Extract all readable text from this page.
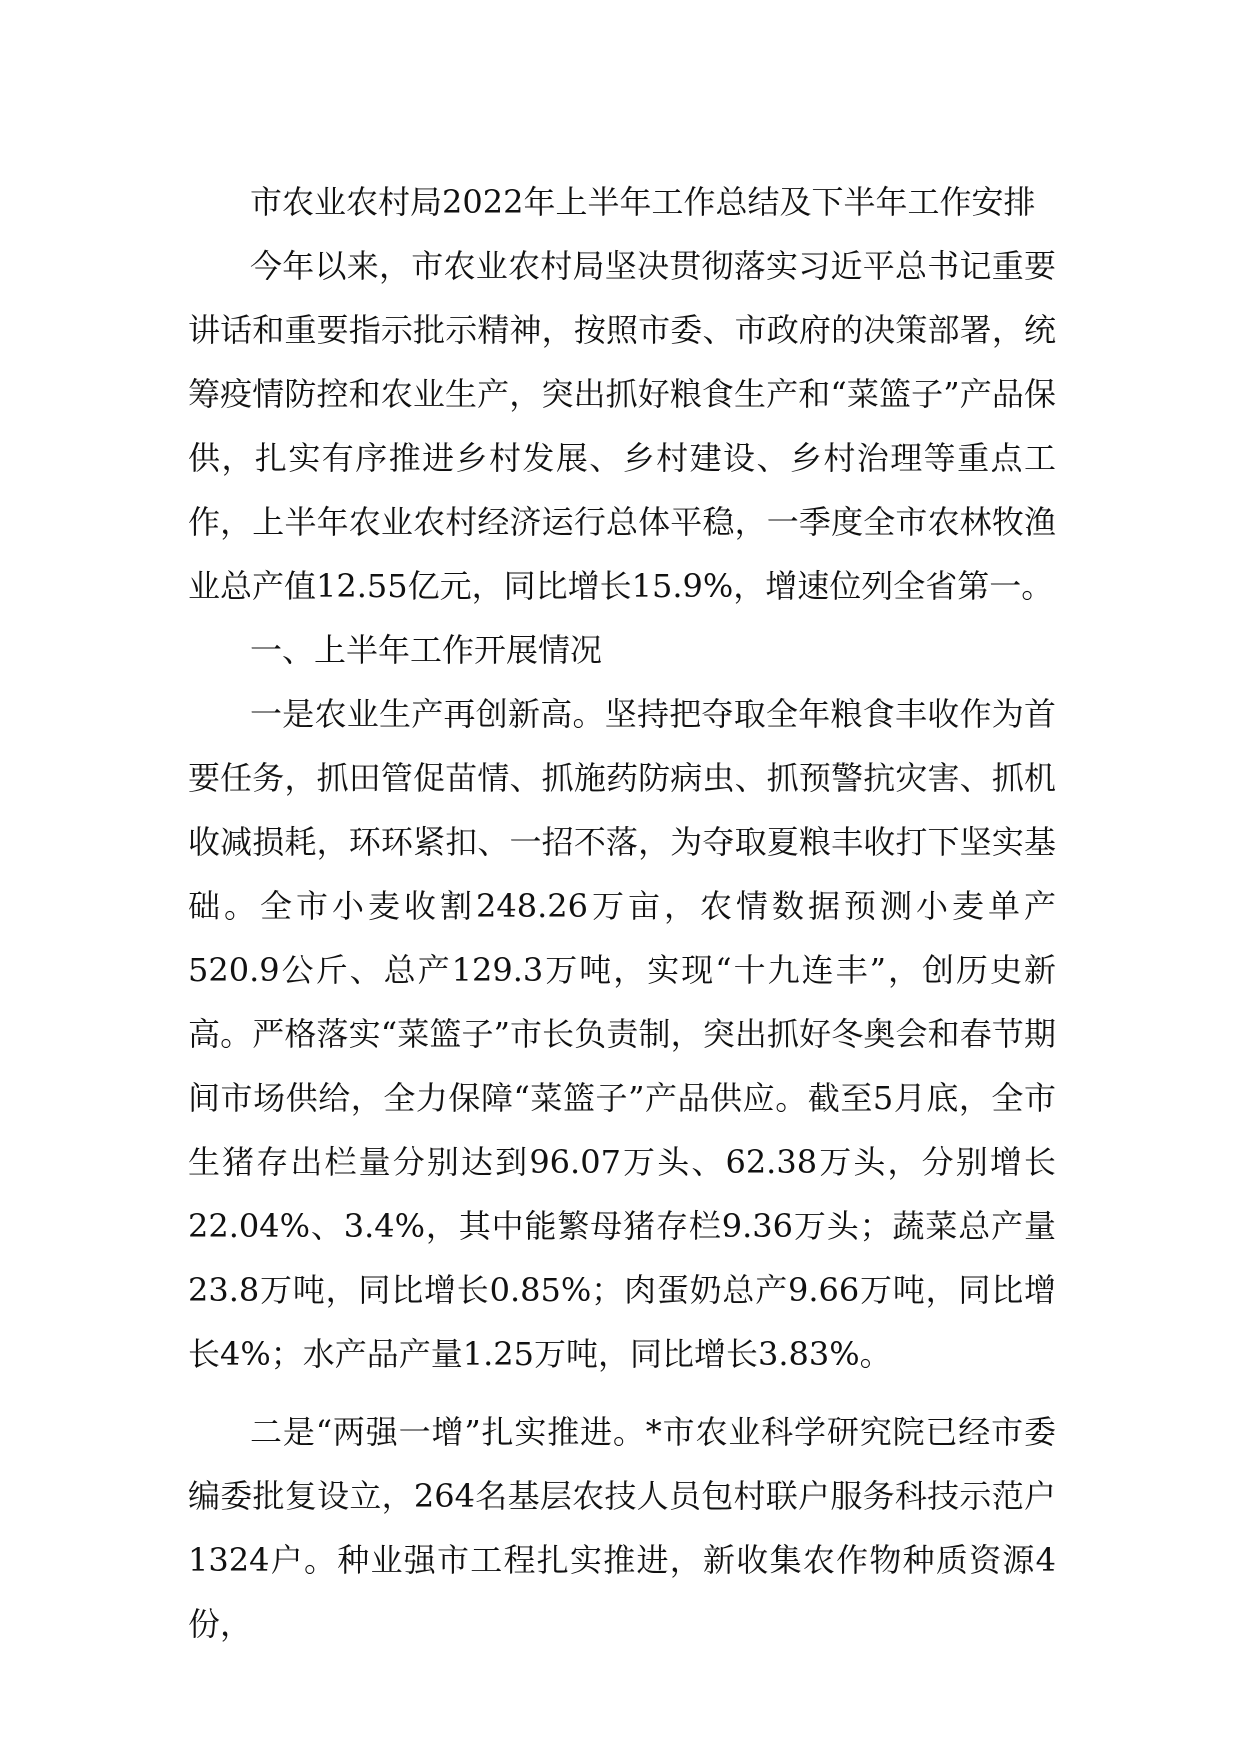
市农业农村局2022年上半年工作总结及下半年工作安排

今年以来，市农业农村局坚决贯彻落实习近平总书记重要讲话和重要指示批示精神，按照市委、市政府的决策部署，统筹疫情防控和农业生产，突出抓好粮食生产和“菜篮子”产品保供，扎实有序推进乡村发展、乡村建设、乡村治理等重点工作，上半年农业农村经济运行总体平稳，一季度全市农林牧渔业总产值12.55亿元，同比增长15.9%，增速位列全省第一。

一、上半年工作开展情况

一是农业生产再创新高。坚持把夺取全年粮食丰收作为首要任务，抓田管促苗情、抓施药防病虫、抓预警抗灾害、抓机收减损耗，环环紧扣、一招不落，为夺取夏粮丰收打下坚实基础。全市小麦收割248.26万亩，农情数据预测小麦单产520.9公斤、总产129.3万吨，实现“十九连丰”，创历史新高。严格落实“菜篮子”市长负责制，突出抓好冬奥会和春节期间市场供给，全力保障“菜篮子”产品供应。截至5月底，全市生猪存出栏量分别达到96.07万头、62.38万头，分别增长22.04%、3.4%，其中能繁母猪存栏9.36万头；蔬菜总产量23.8万吨，同比增长0.85%；肉蛋奶总产9.66万吨，同比增长4%；水产品产量1.25万吨，同比增长3.83%。

二是“两强一增”扎实推进。*市农业科学研究院已经市委编委批复设立，264名基层农技人员包村联户服务科技示范户1324户。种业强市工程扎实推进，新收集农作物种质资源4份，
